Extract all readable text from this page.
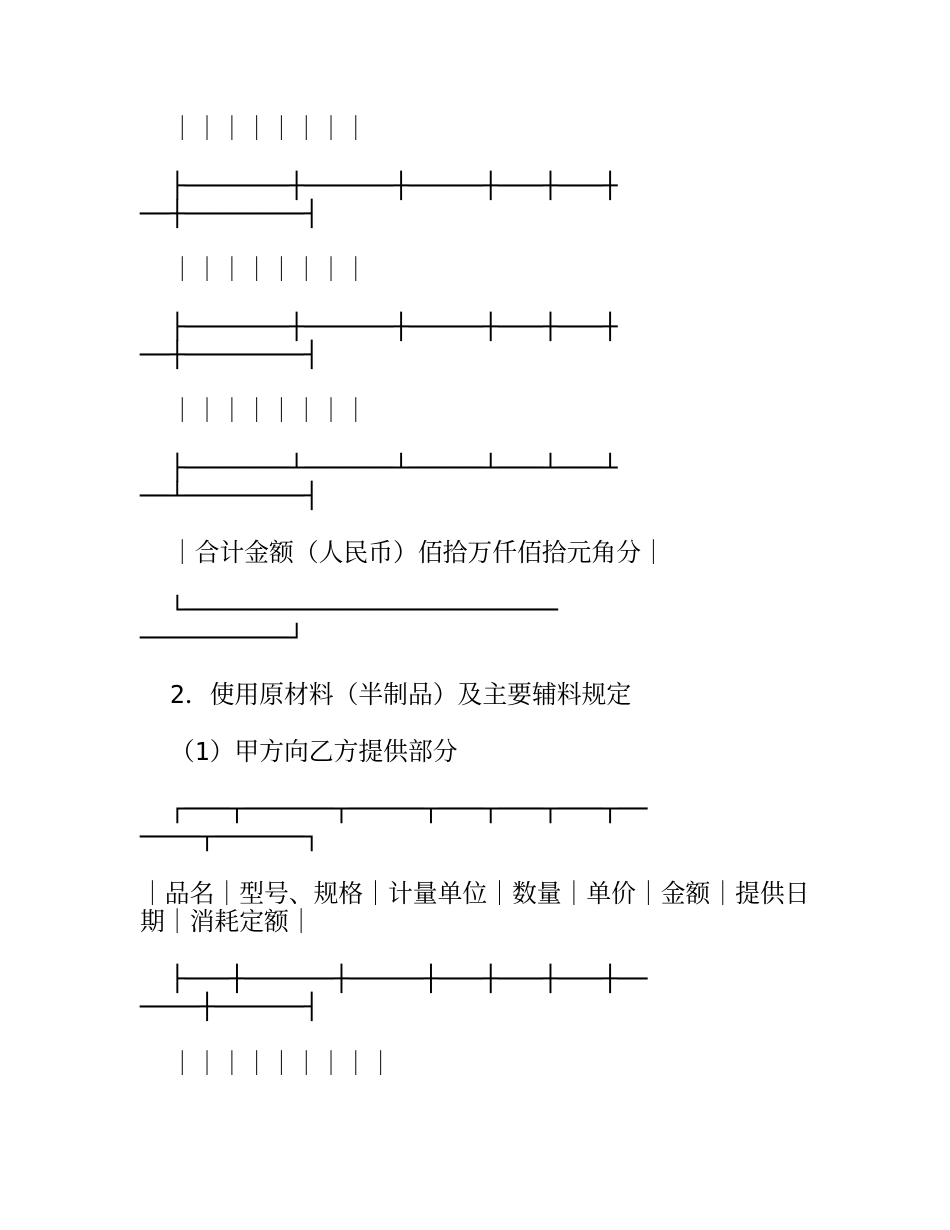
｜｜｜｜｜｜｜｜
├───────┼──────┼─────┼───┼───┼
──┼────────┤
｜｜｜｜｜｜｜｜
├───────┼──────┼─────┼───┼───┼
──┼────────┤
｜｜｜｜｜｜｜｜
├───────┴──────┴─────┴───┴───┴
──┴────────┤
｜合计金额（人民币）佰拾万仟佰拾元角分｜
└─────────────────────────
──────────┘
2．使用原材料（半制品）及主要辅料规定
（1）甲方向乙方提供部分
┌───┬──────┬─────┬───┬───┬───┬──
────┬──────┐

｜品名｜型号、规格｜计量单位｜数量｜单价｜金额｜提供日期｜消耗定额｜

├───┼──────┼─────┼───┼───┼───┼──
────┼──────┤
｜｜｜｜｜｜｜｜｜
